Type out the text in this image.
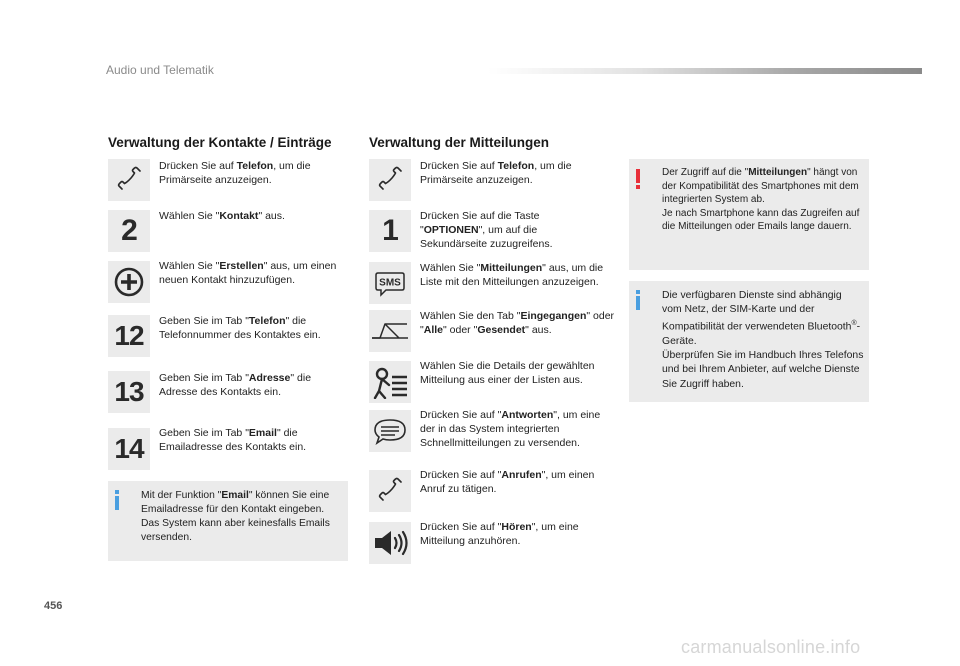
Audio und Telematik
Verwaltung der Kontakte / Einträge
Drücken Sie auf Telefon, um die Primärseite anzuzeigen.
2 Wählen Sie "Kontakt" aus.
Wählen Sie "Erstellen" aus, um einen neuen Kontakt hinzuzufügen.
12 Geben Sie im Tab "Telefon" die Telefonnummer des Kontaktes ein.
13 Geben Sie im Tab "Adresse" die Adresse des Kontakts ein.
14 Geben Sie im Tab "Email" die Emailadresse des Kontakts ein.
Mit der Funktion "Email" können Sie eine Emailadresse für den Kontakt eingeben. Das System kann aber keinesfalls Emails versenden.
Verwaltung der Mitteilungen
Drücken Sie auf Telefon, um die Primärseite anzuzeigen.
1 Drücken Sie auf die Taste "OPTIONEN", um auf die Sekundärseite zuzugreifens.
SMS
Wählen Sie "Mitteilungen" aus, um die Liste mit den Mitteilungen anzuzeigen.
Wählen Sie den Tab "Eingegangen" oder "Alle" oder "Gesendet" aus.
Wählen Sie die Details der gewählten Mitteilung aus einer der Listen aus.
Drücken Sie auf "Antworten", um eine der in das System integrierten Schnellmitteilungen zu versenden.
Drücken Sie auf "Anrufen", um einen Anruf zu tätigen.
Drücken Sie auf "Hören", um eine Mitteilung anzuhören.
Der Zugriff auf die "Mitteilungen" hängt von der Kompatibilität des Smartphones mit dem integrierten System ab.
Je nach Smartphone kann das Zugreifen auf die Mitteilungen oder Emails lange dauern.
Die verfügbaren Dienste sind abhängig vom Netz, der SIM-Karte und der Kompatibilität der verwendeten Bluetooth®-Geräte.
Überprüfen Sie im Handbuch Ihres Telefons und bei Ihrem Anbieter, auf welche Dienste Sie Zugriff haben.
456
carmanualsonline.info
